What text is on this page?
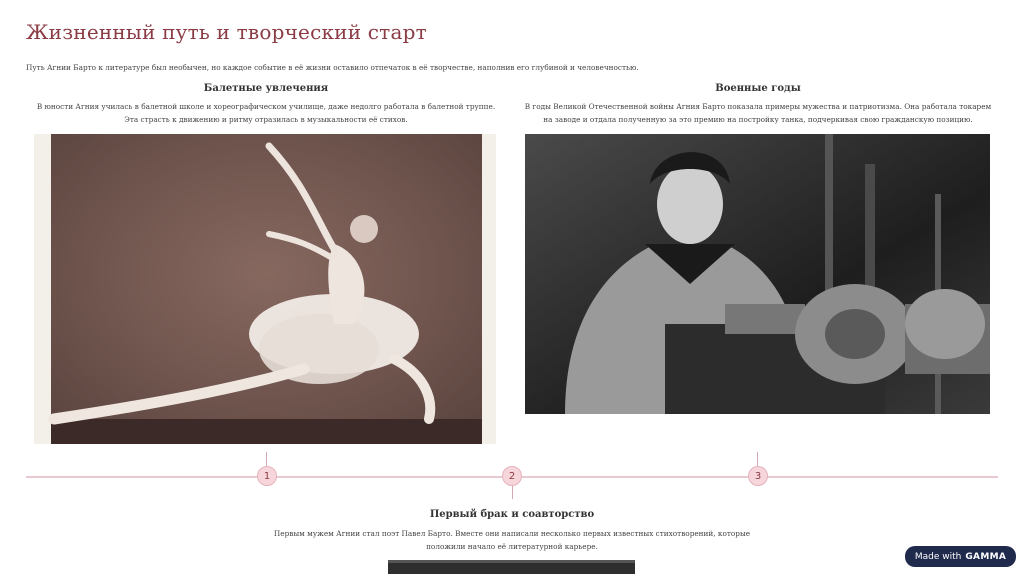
Жизненный путь и творческий старт

Путь Агнии Барто к литературе был необычен, но каждое событие в её жизни оставило отпечаток в её творчестве, наполнив его глубиной и человечностью.

Балетные увлечения

В юности Агния училась в балетной школе и хореографическом училище, даже недолго работала в балетной труппе. Эта страсть к движению и ритму отразилась в музыкальности её стихов.

Военные годы

В годы Великой Отечественной войны Агния Барто показала примеры мужества и патриотизма. Она работала токарем на заводе и отдала полученную за это премию на постройку танка, подчеркивая свою гражданскую позицию.

1	2	3
Первый брак и соавторство

Первым мужем Агнии стал поэт Павел Барто. Вместе они написали несколько первых известных стихотворений, которые положили начало её литературной карьере.

Made with GAMMA
